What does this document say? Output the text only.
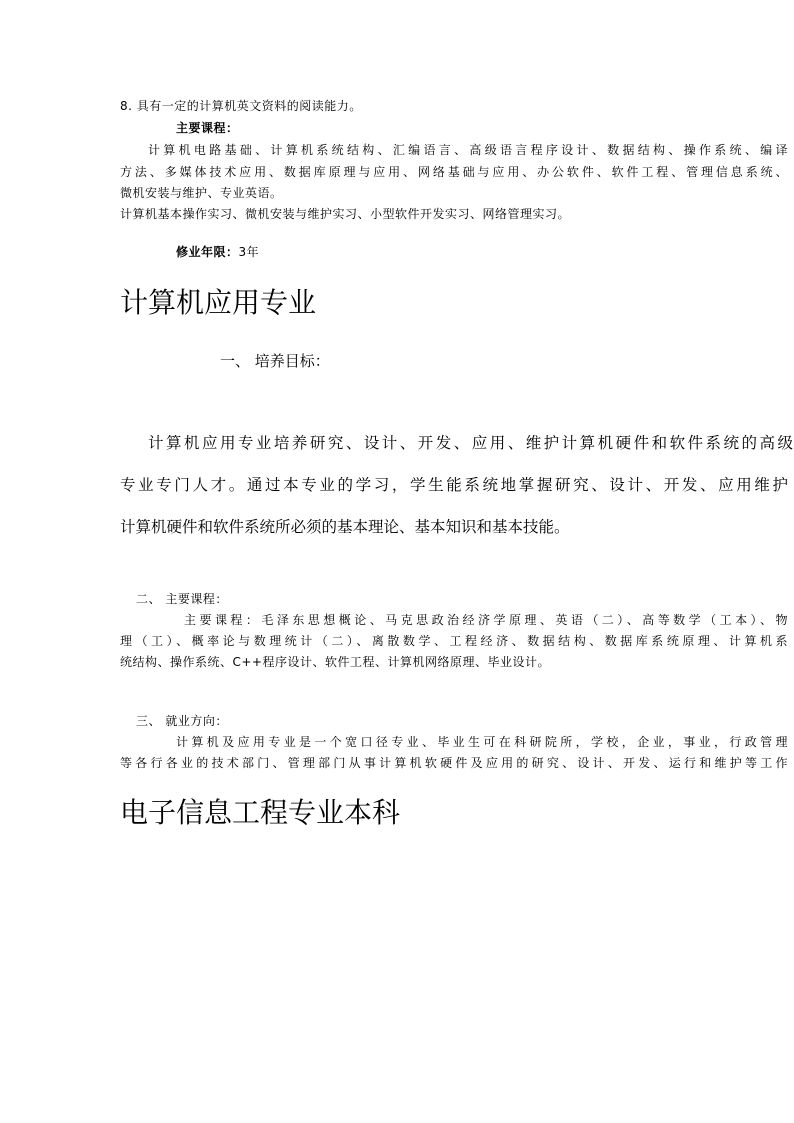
8. 具有一定的计算机英文资料的阅读能力。
主要课程：
计算机电路基础、计算机系统结构、汇编语言、高级语言程序设计、数据结构、操作系统、编译
方法、多媒体技术应用、数据库原理与应用、网络基础与应用、办公软件、软件工程、管理信息系统、
微机安装与维护、专业英语。
计算机基本操作实习、微机安装与维护实习、小型软件开发实习、网络管理实习。
修业年限：3年
计算机应用专业
一、 培养目标：
计算机应用专业培养研究、设计、开发、应用、维护计算机硬件和软件系统的高级
专业专门人才。通过本专业的学习，学生能系统地掌握研究、设计、开发、应用维护
计算机硬件和软件系统所必须的基本理论、基本知识和基本技能。
二、 主要课程：
主要课程：毛泽东思想概论、马克思政治经济学原理、英语（二）、高等数学（工本）、物
理（工）、概率论与数理统计（二）、离散数学、工程经济、数据结构、数据库系统原理、计算机系
统结构、操作系统、C++程序设计、软件工程、计算机网络原理、毕业设计。
三、 就业方向：
计算机及应用专业是一个宽口径专业、毕业生可在科研院所，学校，企业，事业，行政管理
等各行各业的技术部门、管理部门从事计算机软硬件及应用的研究、设计、开发、运行和维护等工作
电子信息工程专业本科
